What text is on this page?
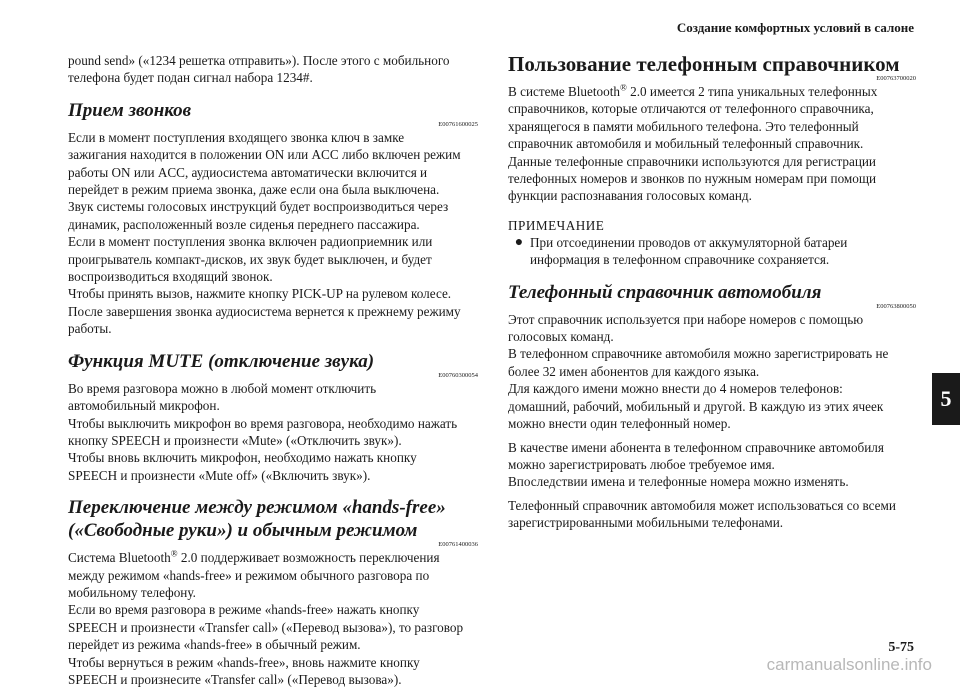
Создание комфортных условий в салоне
5

pound send» («1234 решетка отправить»). После этого с мобильного

телефона будет подан сигнал набора 1234#.

Прием звонков
E00761600025

Если в момент поступления входящего звонка ключ в замке

зажигания находится в положении ON или ACC либо включен режим

работы ON или ACC, аудиосистема автоматически включится и

перейдет в режим приема звонка, даже если она была выключена.

Звук системы голосовых инструкций будет воспроизводиться через

динамик, расположенный возле сиденья переднего пассажира.

Если в момент поступления звонка включен радиоприемник или

проигрыватель компакт-дисков, их звук будет выключен, и будет

воспроизводиться входящий звонок.

Чтобы принять вызов, нажмите кнопку PICK-UP на рулевом колесе.

После завершения звонка аудиосистема вернется к прежнему режиму

работы.

Функция MUTE (отключение звука)
E00760300054

Во время разговора можно в любой момент отключить

автомобильный микрофон.

Чтобы выключить микрофон во время разговора, необходимо нажать

кнопку SPEECH и произнести «Mute» («Отключить звук»).

Чтобы вновь включить микрофон, необходимо нажать кнопку

SPEECH и произнести «Mute off» («Включить звук»).

Переключение между режимом «hands-free»
(«Свободные руки») и обычным режимом
E00761400036

Система Bluetooth® 2.0 поддерживает возможность переключения

между режимом «hands-free» и режимом обычного разговора по

мобильному телефону.

Если во время разговора в режиме «hands-free» нажать кнопку

SPEECH и произнести «Transfer call» («Перевод вызова»), то разговор

перейдет из режима «hands-free» в обычный режим.

Чтобы вернуться в режим «hands-free», вновь нажмите кнопку

SPEECH и произнесите «Transfer call» («Перевод вызова»).

Пользование телефонным справочником
E00763700020

В системе Bluetooth® 2.0 имеется 2 типа уникальных телефонных

справочников, которые отличаются от телефонного справочника,

хранящегося в памяти мобильного телефона. Это телефонный

справочник автомобиля и мобильный телефонный справочник.

Данные телефонные справочники используются для регистрации

телефонных номеров и звонков по нужным номерам при помощи

функции распознавания голосовых команд.

ПРИМЕЧАНИЕ
● При отсоединении проводов от аккумуляторной батареи

информация в телефонном справочнике сохраняется.

Телефонный справочник автомобиля
E00763800050

Этот справочник используется при наборе номеров с помощью

голосовых команд.

В телефонном справочнике автомобиля можно зарегистрировать не

более 32 имен абонентов для каждого языка.

Для каждого имени можно внести до 4 номеров телефонов:

домашний, рабочий, мобильный и другой. В каждую из этих ячеек

можно внести один телефонный номер.

В качестве имени абонента в телефонном справочнике автомобиля

можно зарегистрировать любое требуемое имя.

Впоследствии имена и телефонные номера можно изменять.

Телефонный справочник автомобиля может использоваться со всеми

зарегистрированными мобильными телефонами.

5-75
carmanualsonline.info
